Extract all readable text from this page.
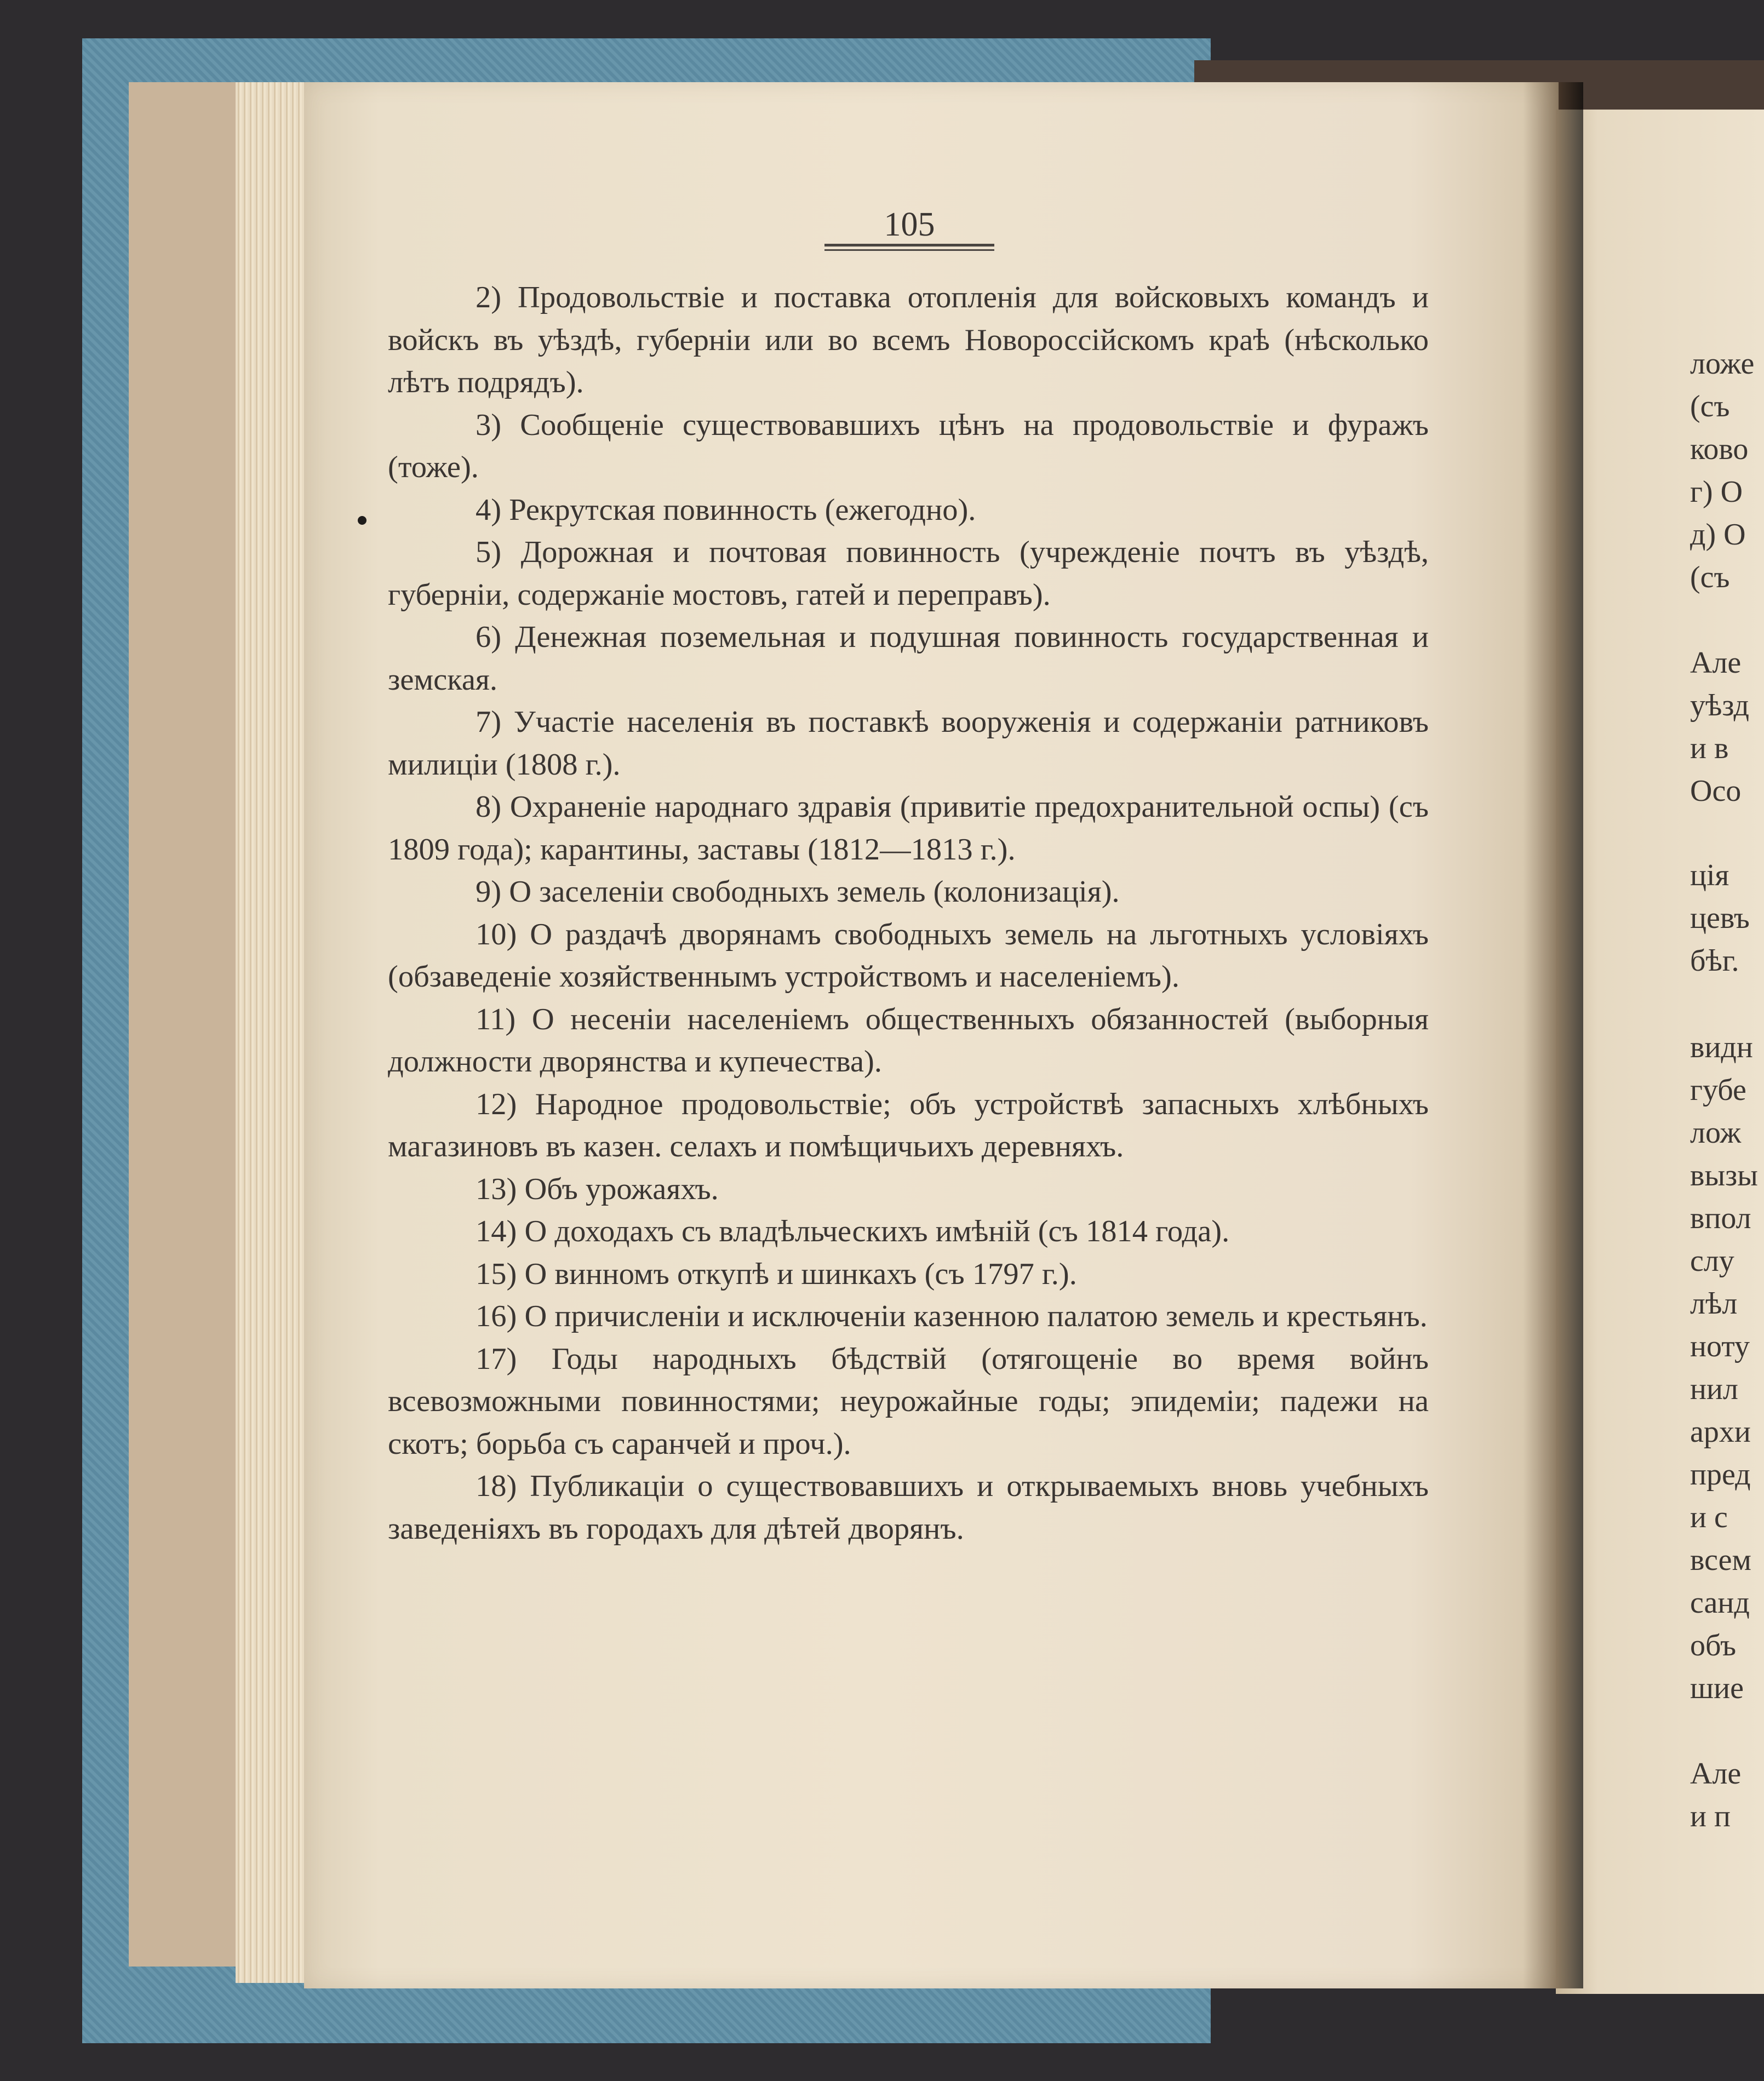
105

2) Продовольствіе и поставка отопленія для войсковыхъ командъ и войскъ въ уѣздѣ, губерніи или во всемъ Новороссійскомъ краѣ (нѣсколько лѣтъ подрядъ).

3) Сообщеніе существовавшихъ цѣнъ на продовольствіе и фуражъ (тоже).

4) Рекрутская повинность (ежегодно).

5) Дорожная и почтовая повинность (учрежденіе почтъ въ уѣздѣ, губерніи, содержаніе мостовъ, гатей и переправъ).

6) Денежная поземельная и подушная повинность государственная и земская.

7) Участіе населенія въ поставкѣ вооруженія и содержаніи ратниковъ милиціи (1808 г.).

8) Охраненіе народнаго здравія (привитіе предохранительной оспы) (съ 1809 года); карантины, заставы (1812—1813 г.).

9) О заселеніи свободныхъ земель (колонизація).

10) О раздачѣ дворянамъ свободныхъ земель на льготныхъ условіяхъ (обзаведеніе хозяйственнымъ устройствомъ и населеніемъ).

11) О несеніи населеніемъ общественныхъ обязанностей (выборныя должности дворянства и купечества).

12) Народное продовольствіе; объ устройствѣ запасныхъ хлѣбныхъ магазиновъ въ казен. селахъ и помѣщичьихъ деревняхъ.

13) Объ урожаяхъ.

14) О доходахъ съ владѣльческихъ имѣній (съ 1814 года).

15) О винномъ откупѣ и шинкахъ (съ 1797 г.).

16) О причисленіи и исключеніи казенною палатою земель и крестьянъ.

17) Годы народныхъ бѣдствій (отягощеніе во время войнъ всевозможными повинностями; неурожайные годы; эпидеміи; падежи на скотъ; борьба съ саранчей и проч.).

18) Публикаціи о существовавшихъ и открываемыхъ вновь учебныхъ заведеніяхъ въ городахъ для дѣтей дворянъ.

ложе
(съ
ково
г) О
д) О
(съ
Але
уѣзд
и в
Осо
ція
цевъ
бѣг.
видн
губе
лож
вызы
впол
слу
лѣл
ноту
нил
архи
пред
и с
всем
санд
объ
шие
Але
и п
